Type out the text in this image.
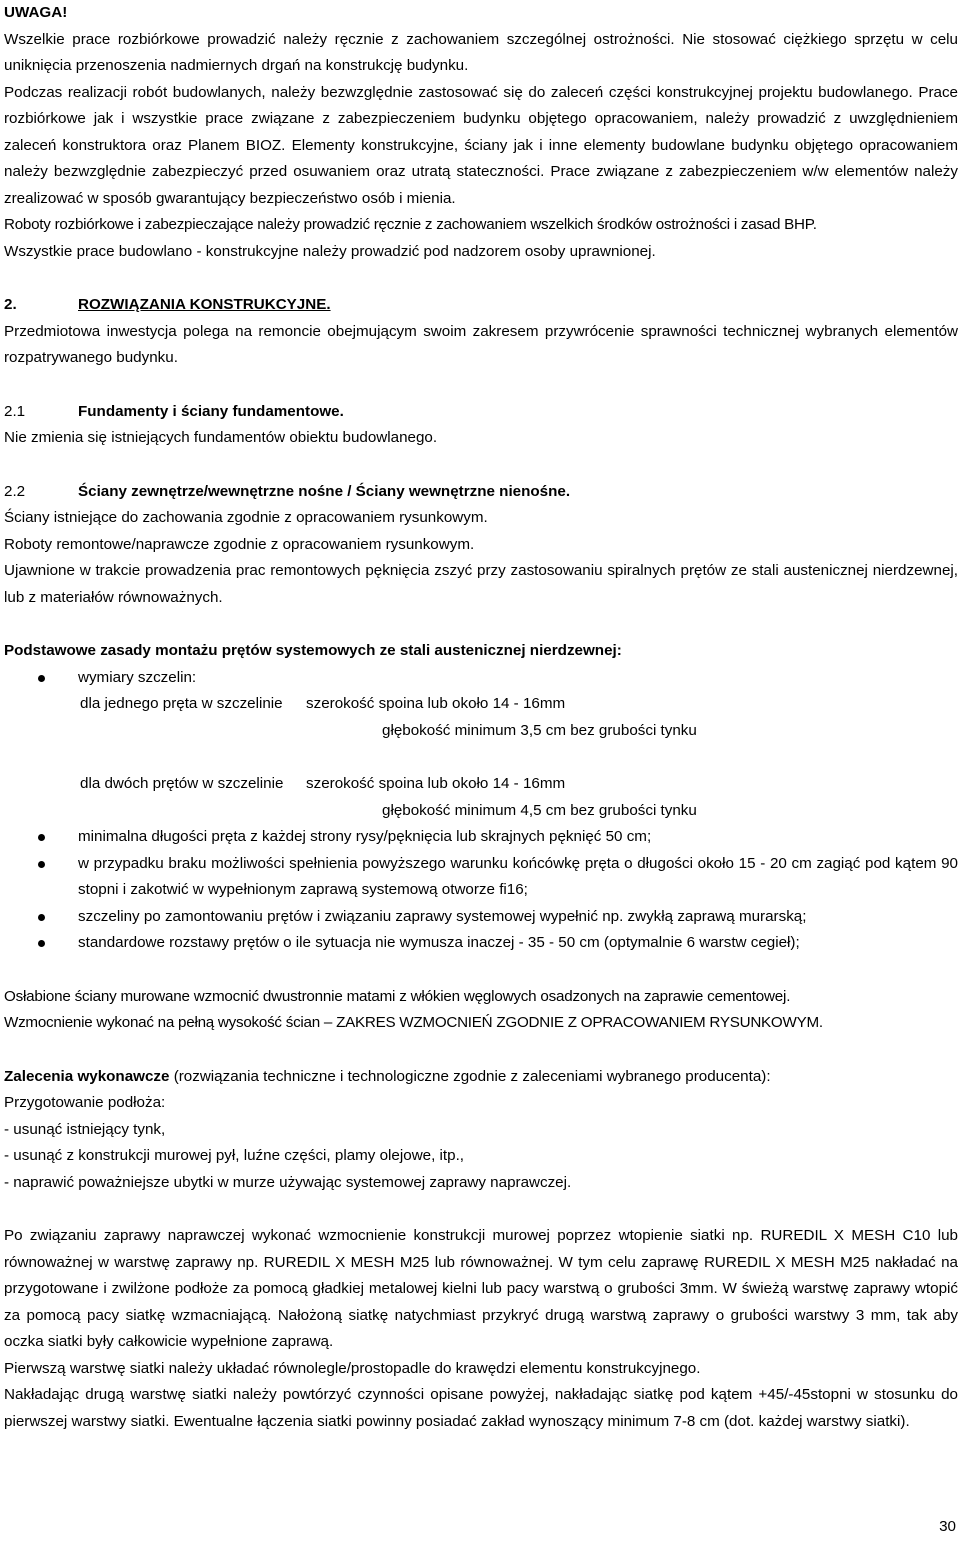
UWAGA!

Wszelkie prace rozbiórkowe prowadzić należy ręcznie z zachowaniem szczególnej ostrożności. Nie stosować ciężkiego sprzętu w celu uniknięcia przenoszenia nadmiernych drgań na konstrukcję budynku.

Podczas realizacji robót budowlanych, należy bezwzględnie zastosować się do zaleceń części konstrukcyjnej projektu budowlanego. Prace rozbiórkowe jak i wszystkie prace związane z zabezpieczeniem budynku objętego opracowaniem, należy prowadzić z uwzględnieniem zaleceń konstruktora oraz Planem BIOZ. Elementy konstrukcyjne, ściany jak i inne elementy budowlane budynku objętego opracowaniem należy bezwzględnie zabezpieczyć przed osuwaniem oraz utratą stateczności. Prace związane z zabezpieczeniem w/w elementów należy zrealizować w sposób gwarantujący bezpieczeństwo osób i mienia.

Roboty rozbiórkowe i zabezpieczające należy prowadzić ręcznie z zachowaniem wszelkich środków ostrożności i zasad BHP.

Wszystkie prace budowlano - konstrukcyjne należy prowadzić pod nadzorem osoby uprawnionej.

2.	ROZWIĄZANIA KONSTRUKCYJNE.

Przedmiotowa inwestycja polega na remoncie obejmującym swoim zakresem przywrócenie sprawności technicznej wybranych elementów rozpatrywanego budynku.

2.1	Fundamenty i ściany fundamentowe.

Nie zmienia się istniejących fundamentów obiektu budowlanego.

2.2	Ściany zewnętrze/wewnętrzne nośne / Ściany wewnętrzne nienośne.

Ściany istniejące do zachowania zgodnie z opracowaniem rysunkowym.

Roboty remontowe/naprawcze zgodnie z opracowaniem rysunkowym.

Ujawnione w trakcie prowadzenia prac remontowych pęknięcia zszyć przy zastosowaniu spiralnych prętów ze stali austenicznej nierdzewnej, lub z materiałów równoważnych.

Podstawowe zasady montażu prętów systemowych ze stali austenicznej nierdzewnej:

wymiary szczelin:
dla jednego pręta w szczelinie	szerokość spoina lub około 14 - 16mm
głębokość minimum 3,5 cm bez grubości tynku
dla dwóch prętów w szczelinie	szerokość spoina lub około 14 - 16mm
głębokość minimum 4,5 cm bez grubości tynku
minimalna długości pręta z każdej strony rysy/pęknięcia lub skrajnych pęknięć 50 cm;
w przypadku braku możliwości spełnienia powyższego warunku końcówkę pręta o długości około 15 - 20 cm zagiąć pod kątem 90 stopni i zakotwić w wypełnionym zaprawą systemową otworze fi16;
szczeliny po zamontowaniu prętów i związaniu zaprawy systemowej wypełnić np. zwykłą zaprawą murarską;
standardowe rozstawy prętów o ile sytuacja nie wymusza inaczej - 35 - 50 cm (optymalnie 6 warstw cegieł);

Osłabione ściany murowane wzmocnić dwustronnie matami z włókien węglowych osadzonych na zaprawie cementowej.

Wzmocnienie wykonać na pełną wysokość ścian – ZAKRES WZMOCNIEŃ ZGODNIE Z OPRACOWANIEM RYSUNKOWYM.

Zalecenia wykonawcze (rozwiązania techniczne i technologiczne zgodnie z zaleceniami wybranego producenta):

Przygotowanie podłoża:

- usunąć istniejący tynk,

- usunąć z konstrukcji murowej pył, luźne części, plamy olejowe, itp.,

- naprawić poważniejsze ubytki w murze używając systemowej zaprawy naprawczej.

Po związaniu zaprawy naprawczej wykonać wzmocnienie konstrukcji murowej poprzez wtopienie siatki np. RUREDIL X MESH C10 lub równoważnej w warstwę zaprawy np. RUREDIL X MESH M25 lub równoważnej. W tym celu zaprawę RUREDIL X MESH M25 nakładać na przygotowane i zwilżone podłoże za pomocą gładkiej metalowej kielni lub pacy warstwą o grubości 3mm. W świeżą warstwę zaprawy wtopić za pomocą pacy siatkę wzmacniającą. Nałożoną siatkę natychmiast przykryć drugą warstwą zaprawy o grubości warstwy 3 mm, tak aby oczka siatki były całkowicie wypełnione zaprawą.

Pierwszą warstwę siatki należy układać równolegle/prostopadle do krawędzi elementu konstrukcyjnego.

Nakładając drugą warstwę siatki należy powtórzyć czynności opisane powyżej, nakładając siatkę pod kątem +45/-45stopni w stosunku do pierwszej warstwy siatki. Ewentualne łączenia siatki powinny posiadać zakład wynoszący minimum 7-8 cm (dot. każdej warstwy siatki).

30
